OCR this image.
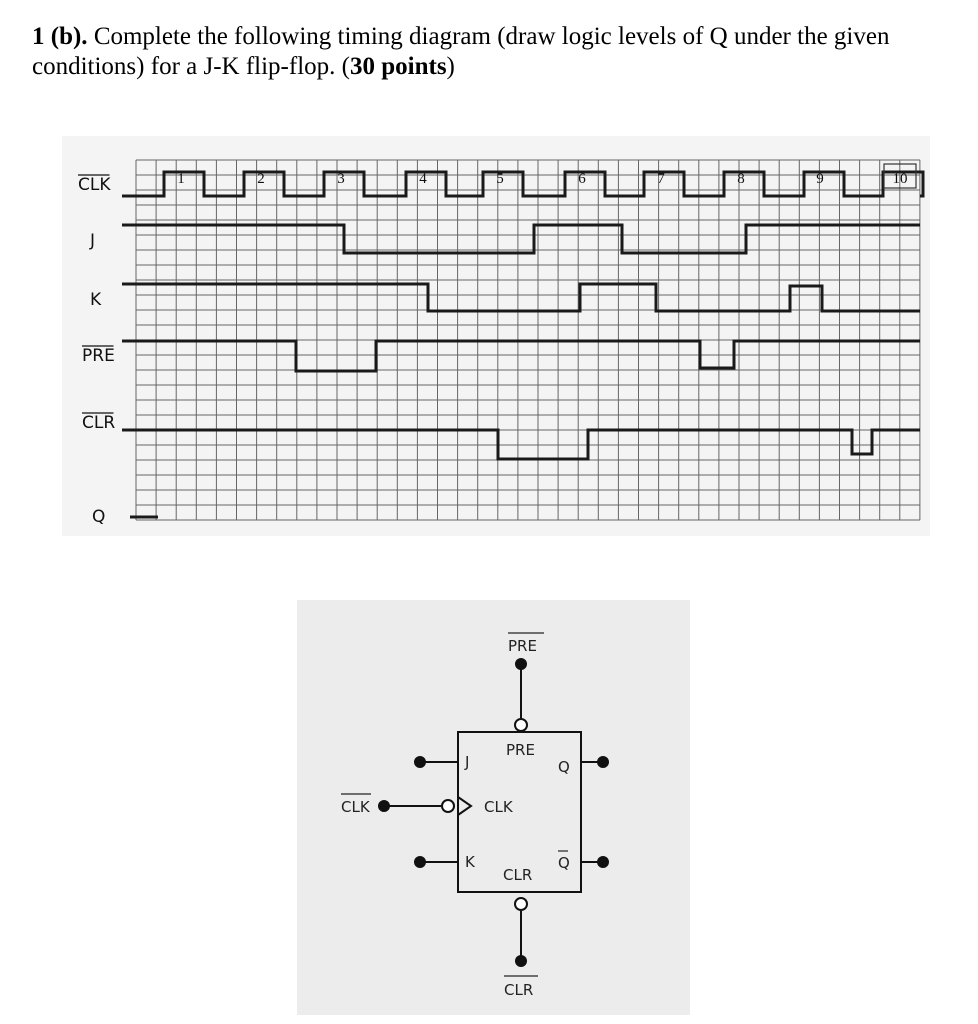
1 (b). Complete the following timing diagram (draw logic levels of Q under the given conditions) for a J-K flip-flop. (30 points)
CLK
J
K
PRE
CLR
Q
1	2	3	4	5	6	7	8	9	10
PRE
PRE
J
CLK	CLK
K
CLR
Q
Q
CLR
